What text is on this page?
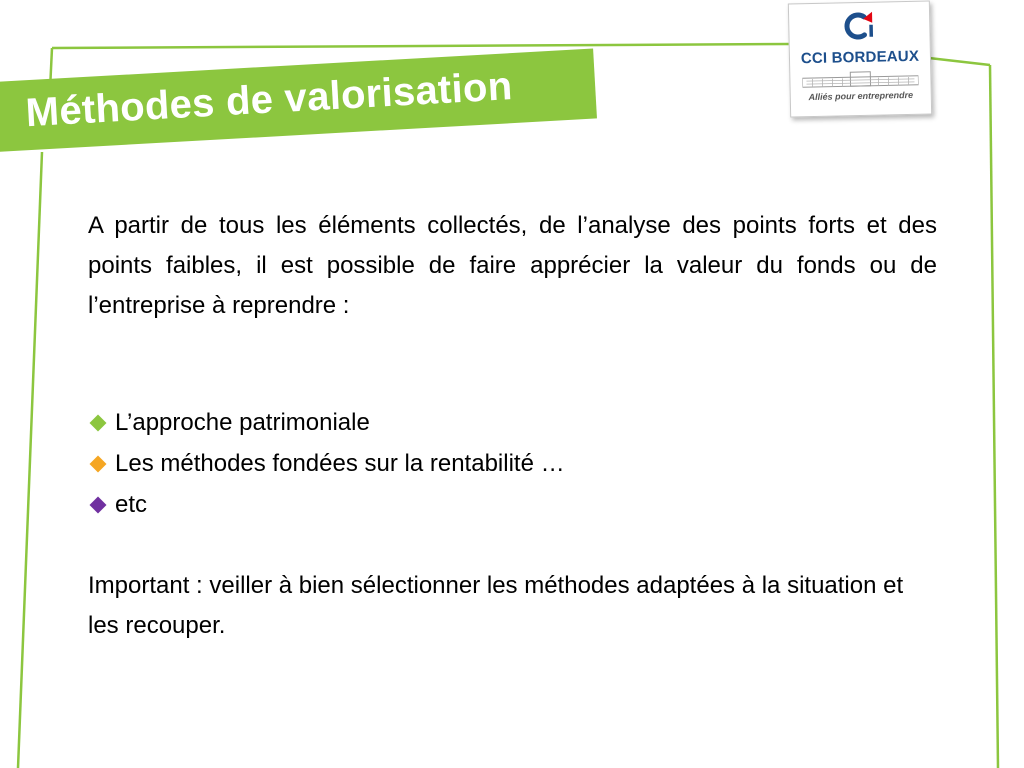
Méthodes de valorisation
CCI BORDEAUX
Alliés pour entreprendre

A partir de tous les éléments collectés, de l’analyse des points forts et des points faibles, il est possible de faire apprécier la valeur du fonds ou de l’entreprise à reprendre :

L’approche patrimoniale
Les méthodes fondées sur la rentabilité …
etc

Important : veiller à bien sélectionner les méthodes adaptées à la situation et les recouper.
